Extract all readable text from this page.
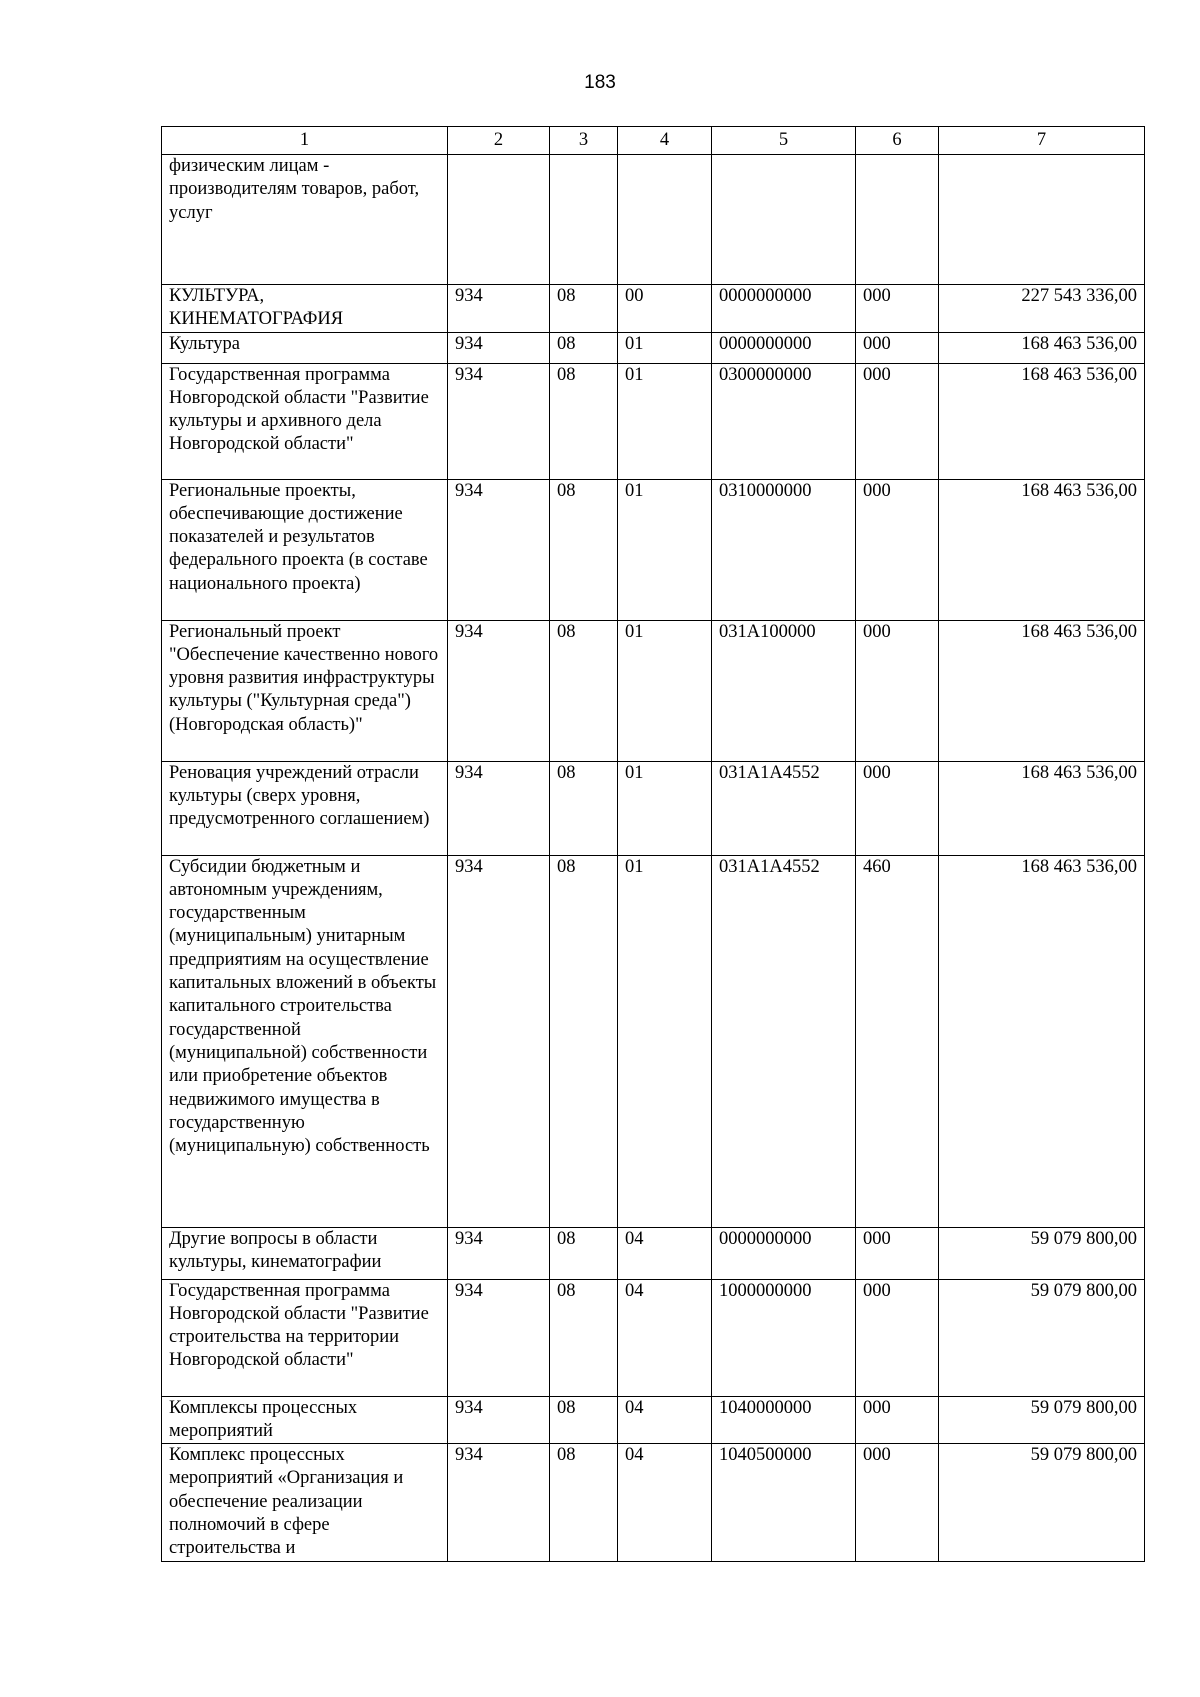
183
1	2	3	4	5	6	7
физическим лицам - производителям товаров, работ, услуг						
КУЛЬТУРА, КИНЕМАТОГРАФИЯ	934	08	00	0000000000	000	227 543 336,00
Культура	934	08	01	0000000000	000	168 463 536,00
Государственная программа Новгородской области "Развитие культуры и архивного дела Новгородской области"	934	08	01	0300000000	000	168 463 536,00
Региональные проекты, обеспечивающие достижение показателей и результатов федерального проекта (в составе национального проекта)	934	08	01	0310000000	000	168 463 536,00
Региональный проект "Обеспечение качественно нового уровня развития инфраструктуры культуры ("Культурная среда") (Новгородская область)"	934	08	01	031A100000	000	168 463 536,00
Реновация учреждений отрасли культуры (сверх уровня, предусмотренного соглашением)	934	08	01	031A1A4552	000	168 463 536,00
Субсидии бюджетным и автономным учреждениям, государственным (муниципальным) унитарным предприятиям на осуществление капитальных вложений в объекты капитального строительства государственной (муниципальной) собственности или приобретение объектов недвижимого имущества в государственную (муниципальную) собственность	934	08	01	031A1A4552	460	168 463 536,00
Другие вопросы в области культуры, кинематографии	934	08	04	0000000000	000	59 079 800,00
Государственная программа Новгородской области "Развитие строительства на территории Новгородской области"	934	08	04	1000000000	000	59 079 800,00
Комплексы процессных мероприятий	934	08	04	1040000000	000	59 079 800,00
Комплекс процессных мероприятий «Организация и обеспечение реализации полномочий в сфере строительства и	934	08	04	1040500000	000	59 079 800,00
